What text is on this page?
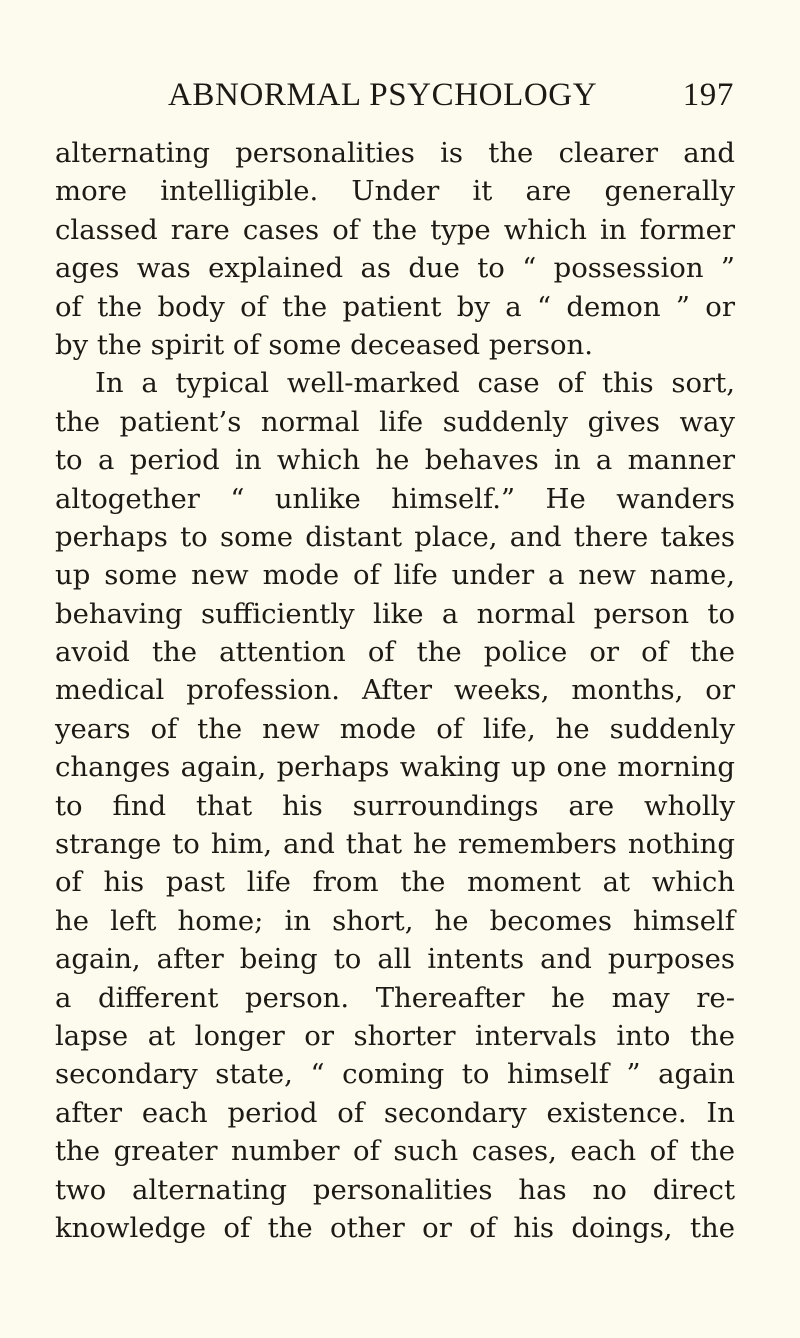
ABNORMAL PSYCHOLOGY	197
alternating personalities is the clearer and
more intelligible. Under it are generally
classed rare cases of the type which in former
ages was explained as due to “ possession ”
of the body of the patient by a “ demon ” or
by the spirit of some deceased person.
In a typical well-marked case of this sort,
the patient’s normal life suddenly gives way
to a period in which he behaves in a manner
altogether “ unlike himself.” He wanders
perhaps to some distant place, and there takes
up some new mode of life under a new name,
behaving sufficiently like a normal person to
avoid the attention of the police or of the
medical profession. After weeks, months, or
years of the new mode of life, he suddenly
changes again, perhaps waking up one morning
to find that his surroundings are wholly
strange to him, and that he remembers nothing
of his past life from the moment at which
he left home; in short, he becomes himself
again, after being to all intents and purposes
a different person. Thereafter he may re-
lapse at longer or shorter intervals into the
secondary state, “ coming to himself ” again
after each period of secondary existence. In
the greater number of such cases, each of the
two alternating personalities has no direct
knowledge of the other or of his doings, the
